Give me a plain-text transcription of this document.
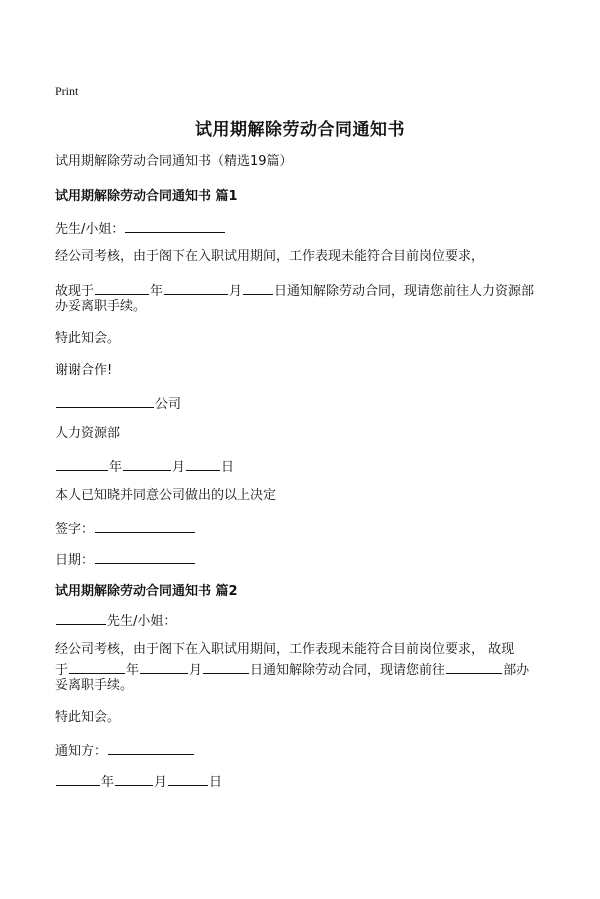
Print
试用期解除劳动合同通知书
试用期解除劳动合同通知书（精选19篇）
试用期解除劳动合同通知书 篇1
先生/小姐：
经公司考核，由于阁下在入职试用期间，工作表现未能符合目前岗位要求，
故现于	年	月 日通知解除劳动合同，现请您前往人力资源部
办妥离职手续。
特此知会。
谢谢合作!
公司
人力资源部
年	月	日
本人已知晓并同意公司做出的以上决定
签字：
日期：
试用期解除劳动合同通知书 篇2
先生/小姐：
经公司考核，由于阁下在入职试用期间，工作表现未能符合目前岗位要求， 故现
于	年	月	日通知解除劳动合同，现请您前往	部办
妥离职手续。
特此知会。
通知方：
年	月	日
